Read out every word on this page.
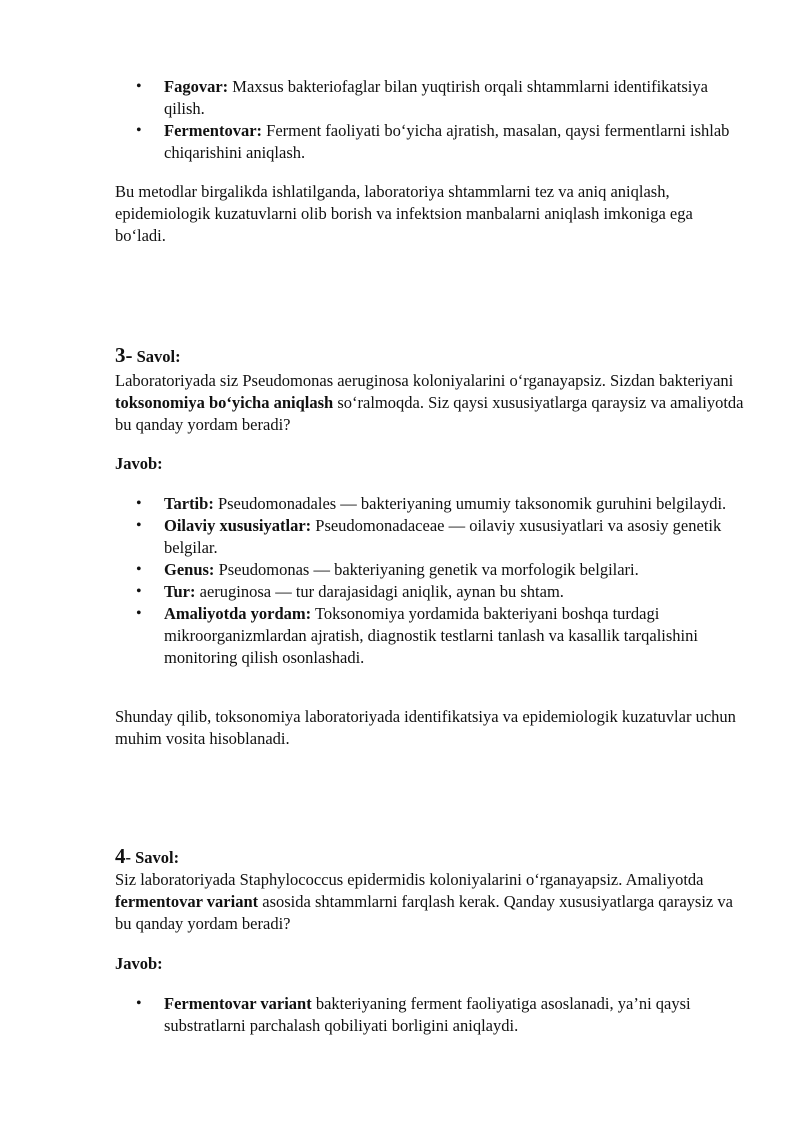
• Fagovar: Maxsus bakteriofaglar bilan yuqtirish orqali shtammlarni identifikatsiya qilish.
• Fermentovar: Ferment faoliyati bo‘yicha ajratish, masalan, qaysi fermentlarni ishlab chiqarishini aniqlash.

Bu metodlar birgalikda ishlatilganda, laboratoriya shtammlarni tez va aniq aniqlash, epidemiologik kuzatuvlarni olib borish va infektsion manbalarni aniqlash imkoniga ega bo‘ladi.

3- Savol:

Laboratoriyada siz Pseudomonas aeruginosa koloniyalarini o‘rganayapsiz. Sizdan bakteriyani toksonomiya bo‘yicha aniqlash so‘ralmoqda. Siz qaysi xususiyatlarga qaraysiz va amaliyotda bu qanday yordam beradi?

Javob:

• Tartib: Pseudomonadales — bakteriyaning umumiy taksonomik guruhini belgilaydi.
• Oilaviy xususiyatlar: Pseudomonadaceae — oilaviy xususiyatlari va asosiy genetik belgilar.
• Genus: Pseudomonas — bakteriyaning genetik va morfologik belgilari.
• Tur: aeruginosa — tur darajasidagi aniqlik, aynan bu shtam.
• Amaliyotda yordam: Toksonomiya yordamida bakteriyani boshqa turdagi mikroorganizmlardan ajratish, diagnostik testlarni tanlash va kasallik tarqalishini monitoring qilish osonlashadi.

Shunday qilib, toksonomiya laboratoriyada identifikatsiya va epidemiologik kuzatuvlar uchun muhim vosita hisoblanadi.

4- Savol:

Siz laboratoriyada Staphylococcus epidermidis koloniyalarini o‘rganayapsiz. Amaliyotda fermentovar variant asosida shtammlarni farqlash kerak. Qanday xususiyatlarga qaraysiz va bu qanday yordam beradi?

Javob:

• Fermentovar variant bakteriyaning ferment faoliyatiga asoslanadi, ya’ni qaysi substratlarni parchalash qobiliyati borligini aniqlaydi.
